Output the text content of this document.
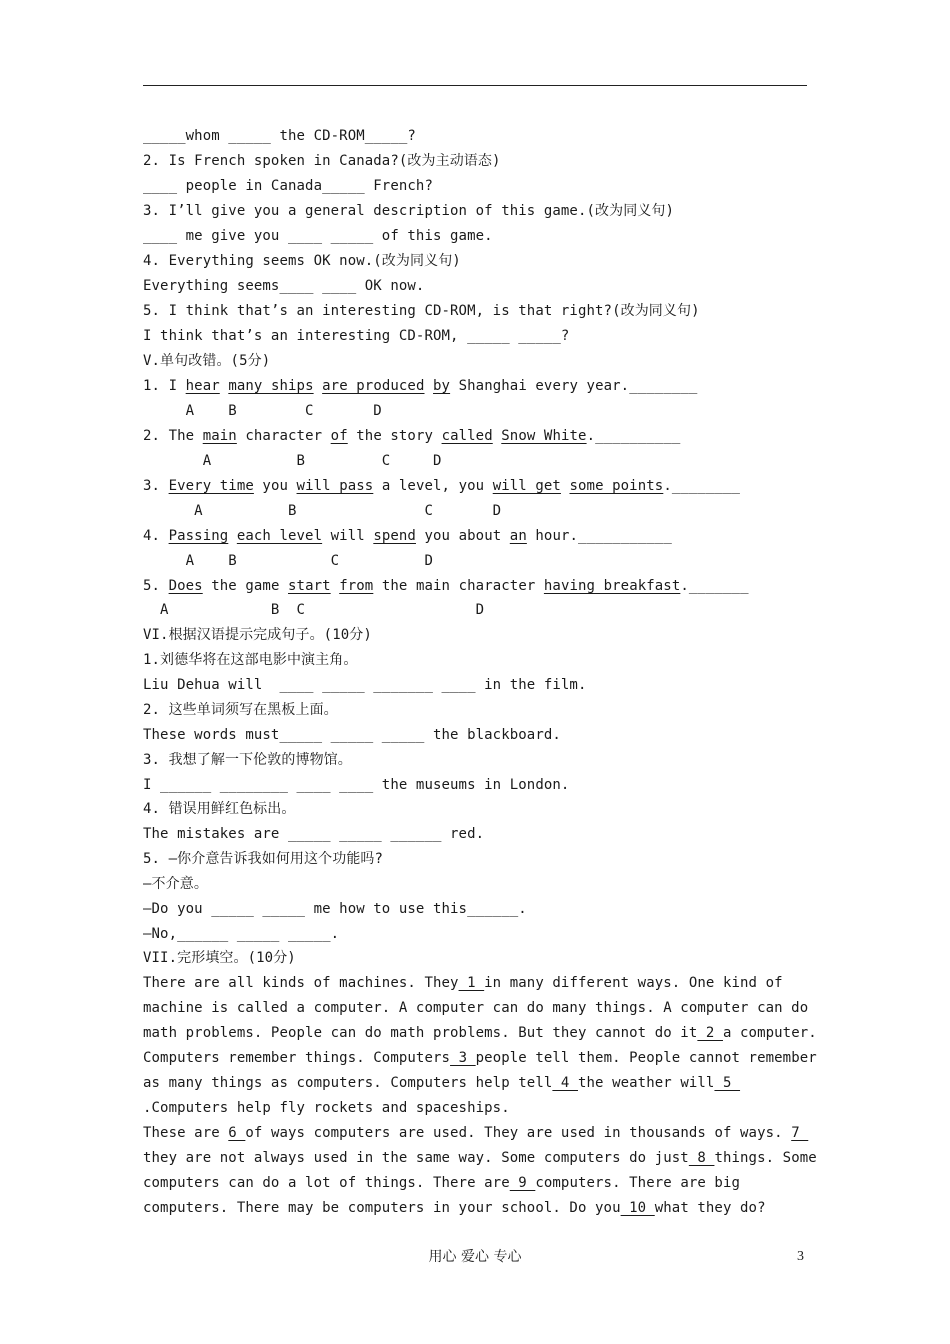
_____whom _____ the CD-ROM_____?
2. Is French spoken in Canada?(改为主动语态)
____ people in Canada_____ French?
3. I’ll give you a general description of this game.(改为同义句)
____ me give you ____ _____ of this game.
4. Everything seems OK now.(改为同义句)
Everything seems____ ____ OK now.
5. I think that’s an interesting CD-ROM, is that right?(改为同义句)
I think that’s an interesting CD-ROM, _____ _____?
V.单句改错。(5分)
1. I hear many ships are produced by Shanghai every year.________
A    B        C       D
2. The main character of the story called Snow White.__________
A          B         C     D
3. Every time you will pass a level, you will get some points.________
A          B               C       D
4. Passing each level will spend you about an hour.___________
A    B           C          D
5. Does the game start from the main character having breakfast._______
A            B  C                    D
VI.根据汉语提示完成句子。(10分)
1.刘德华将在这部电影中演主角。
Liu Dehua will  ____ _____ _______ ____ in the film.
2. 这些单词须写在黑板上面。
These words must_____ _____ _____ the blackboard.
3. 我想了解一下伦敦的博物馆。
I ______ ________ ____ ____ the museums in London.
4. 错误用鲜红色标出。
The mistakes are _____ _____ ______ red.
5. —你介意告诉我如何用这个功能吗?
—不介意。
—Do you _____ _____ me how to use this______.
—No,______ _____ _____.
VII.完形填空。(10分)
There are all kinds of machines. They 1 in many different ways. One kind of
machine is called a computer. A computer can do many things. A computer can do
math problems. People can do math problems. But they cannot do it 2 a computer.
Computers remember things. Computers 3 people tell them. People cannot remember
as many things as computers. Computers help tell 4 the weather will 5
.Computers help fly rockets and spaceships.
These are 6 of ways computers are used. They are used in thousands of ways. 7
they are not always used in the same way. Some computers do just 8 things. Some
computers can do a lot of things. There are 9 computers. There are big
computers. There may be computers in your school. Do you 10 what they do?
用心 爱心 专心	3
